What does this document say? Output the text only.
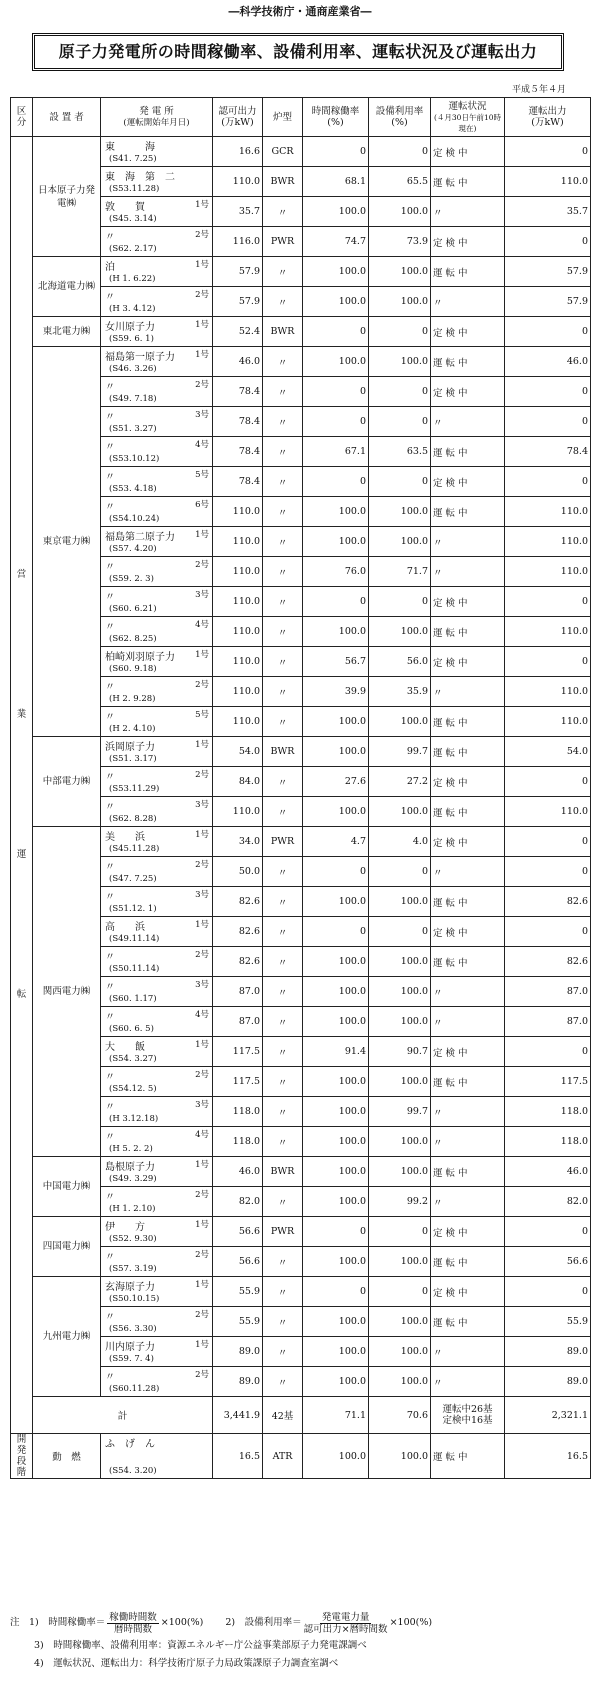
―科学技術庁・通商産業省―
原子力発電所の時間稼働率、設備利用率、運転状況及び運転出力
平成５年４月
区分	設 置 者	発 電 所
(運転開始年月日)	認可出力
(万kW)	炉型	時間稼働率
(%)	設備利用率
(%)	運転状況
(４月30日午前10時現在)	運転出力
(万kW)
営 業 運 転	日本原子力発電㈱	東　　　海
(S41. 7.25)	16.6	GCR	0	0	定 検 中	0

		東　海　第　二
(S53.11.28)	110.0	BWR	68.1	65.5	運 転 中	110.0

		敦　　賀 1号
(S45. 3.14)	35.7	〃	100.0	100.0	〃	35.7

		〃 2号
(S62. 2.17)	116.0	PWR	74.7	73.9	定 検 中	0
	北海道電力㈱	泊 1号
(H 1. 6.22)	57.9	〃	100.0	100.0	運 転 中	57.9

		〃 2号
(H 3. 4.12)	57.9	〃	100.0	100.0	〃	57.9
	東北電力㈱	女川原子力 1号
(S59. 6. 1)	52.4	BWR	0	0	定 検 中	0
	東京電力㈱	福島第一原子力 1号
(S46. 3.26)	46.0	〃	100.0	100.0	運 転 中	46.0

		〃 2号
(S49. 7.18)	78.4	〃	0	0	定 検 中	0

		〃 3号
(S51. 3.27)	78.4	〃	0	0	〃	0

		〃 4号
(S53.10.12)	78.4	〃	67.1	63.5	運 転 中	78.4

		〃 5号
(S53. 4.18)	78.4	〃	0	0	定 検 中	0

		〃 6号
(S54.10.24)	110.0	〃	100.0	100.0	運 転 中	110.0

		福島第二原子力 1号
(S57. 4.20)	110.0	〃	100.0	100.0	〃	110.0

		〃 2号
(S59. 2. 3)	110.0	〃	76.0	71.7	〃	110.0

		〃 3号
(S60. 6.21)	110.0	〃	0	0	定 検 中	0

		〃 4号
(S62. 8.25)	110.0	〃	100.0	100.0	運 転 中	110.0

		柏崎刈羽原子力 1号
(S60. 9.18)	110.0	〃	56.7	56.0	定 検 中	0

		〃 2号
(H 2. 9.28)	110.0	〃	39.9	35.9	〃	110.0

		〃 5号
(H 2. 4.10)	110.0	〃	100.0	100.0	運 転 中	110.0
	中部電力㈱	浜岡原子力 1号
(S51. 3.17)	54.0	BWR	100.0	99.7	運 転 中	54.0

		〃 2号
(S53.11.29)	84.0	〃	27.6	27.2	定 検 中	0

		〃 3号
(S62. 8.28)	110.0	〃	100.0	100.0	運 転 中	110.0
	関西電力㈱	美　　浜 1号
(S45.11.28)	34.0	PWR	4.7	4.0	定 検 中	0

		〃 2号
(S47. 7.25)	50.0	〃	0	0	〃	0

		〃 3号
(S51.12. 1)	82.6	〃	100.0	100.0	運 転 中	82.6

		高　　浜 1号
(S49.11.14)	82.6	〃	0	0	定 検 中	0

		〃 2号
(S50.11.14)	82.6	〃	100.0	100.0	運 転 中	82.6

		〃 3号
(S60. 1.17)	87.0	〃	100.0	100.0	〃	87.0

		〃 4号
(S60. 6. 5)	87.0	〃	100.0	100.0	〃	87.0

		大　　飯 1号
(S54. 3.27)	117.5	〃	91.4	90.7	定 検 中	0

		〃 2号
(S54.12. 5)	117.5	〃	100.0	100.0	運 転 中	117.5

		〃 3号
(H 3.12.18)	118.0	〃	100.0	99.7	〃	118.0

		〃 4号
(H 5. 2. 2)	118.0	〃	100.0	100.0	〃	118.0
	中国電力㈱	島根原子力 1号
(S49. 3.29)	46.0	BWR	100.0	100.0	運 転 中	46.0

		〃 2号
(H 1. 2.10)	82.0	〃	100.0	99.2	〃	82.0
	四国電力㈱	伊　　方 1号
(S52. 9.30)	56.6	PWR	0	0	定 検 中	0

		〃 2号
(S57. 3.19)	56.6	〃	100.0	100.0	運 転 中	56.6
	九州電力㈱	玄海原子力 1号
(S50.10.15)	55.9	〃	0	0	定 検 中	0

		〃 2号
(S56. 3.30)	55.9	〃	100.0	100.0	運 転 中	55.9

		川内原子力 1号
(S59. 7. 4)	89.0	〃	100.0	100.0	〃	89.0

		〃 2号
(S60.11.28)	89.0	〃	100.0	100.0	〃	89.0
	計		3,441.9	42基	71.1	70.6	運転中26基
定検中16基	2,321.1
開発段階	動　燃	ふ　げ　ん
(S54. 3.20)	16.5	ATR	100.0	100.0	運 転 中	16.5
注　1)　時間稼働率＝ $\frac{\text{稼働時間数}}{\text{暦時間数}} \times 100(\%)$ 2)　設備利用率＝ $\frac{\text{発電電力量}}{\text{認可出力×暦時間数}} \times 100(\%)$
3)　時間稼働率、設備利用率：資源エネルギー庁公益事業部原子力発電課調べ
4)　運転状況、運転出力：科学技術庁原子力局政策課原子力調査室調べ
